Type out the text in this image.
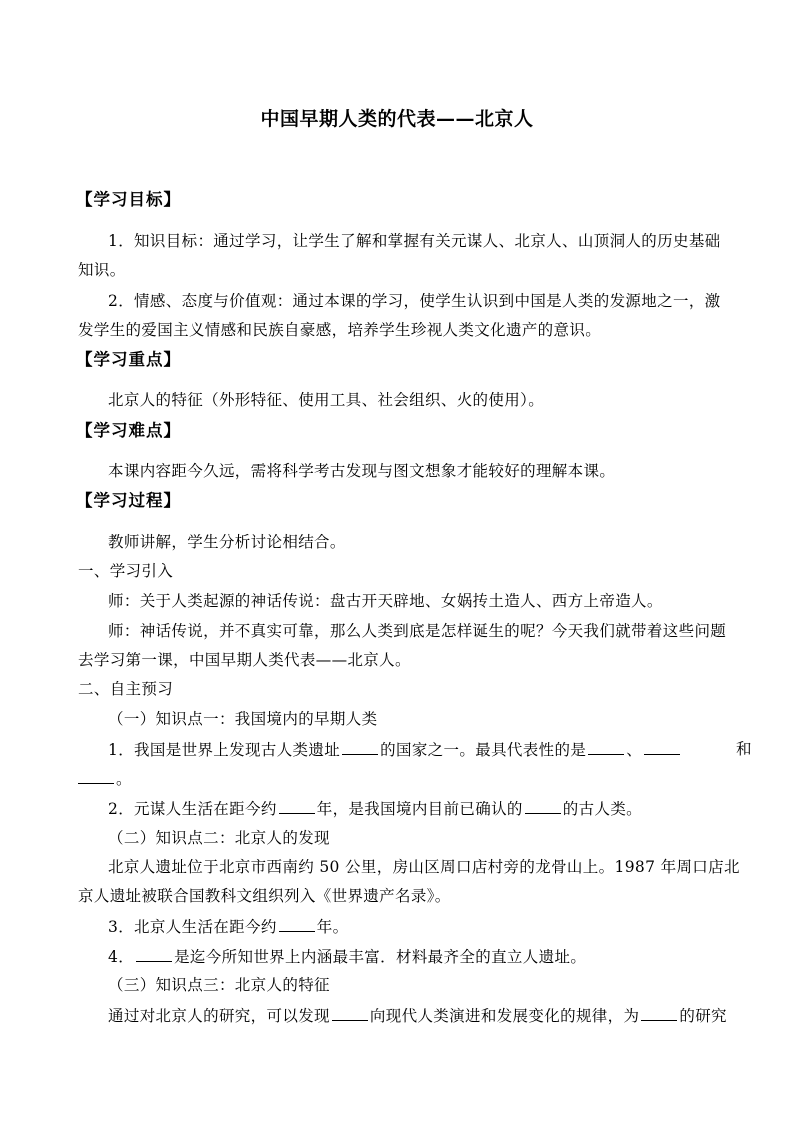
中国早期人类的代表——北京人
【学习目标】
1．知识目标：通过学习，让学生了解和掌握有关元谋人、北京人、山顶洞人的历史基础
知识。
2．情感、态度与价值观：通过本课的学习，使学生认识到中国是人类的发源地之一，激
发学生的爱国主义情感和民族自豪感，培养学生珍视人类文化遗产的意识。
【学习重点】
北京人的特征（外形特征、使用工具、社会组织、火的使用）。
【学习难点】
本课内容距今久远，需将科学考古发现与图文想象才能较好的理解本课。
【学习过程】
教师讲解，学生分析讨论相结合。
一、学习引入
师：关于人类起源的神话传说：盘古开天辟地、女娲抟土造人、西方上帝造人。
师：神话传说，并不真实可靠，那么人类到底是怎样诞生的呢？今天我们就带着这些问题
去学习第一课，中国早期人类代表——北京人。
二、自主预习
（一）知识点一：我国境内的早期人类
1．我国是世界上发现古人类遗址	的国家之一。最具代表性的是	、	和
。
2．元谋人生活在距今约	年，是我国境内目前已确认的	的古人类。
（二）知识点二：北京人的发现
北京人遗址位于北京市西南约 50 公里，房山区周口店村旁的龙骨山上。1987 年周口店北
京人遗址被联合国教科文组织列入《世界遗产名录》。
3．北京人生活在距今约	年。
4．	是迄今所知世界上内涵最丰富．材料最齐全的直立人遗址。
（三）知识点三：北京人的特征
通过对北京人的研究，可以发现	向现代人类演进和发展变化的规律，为	的研究
